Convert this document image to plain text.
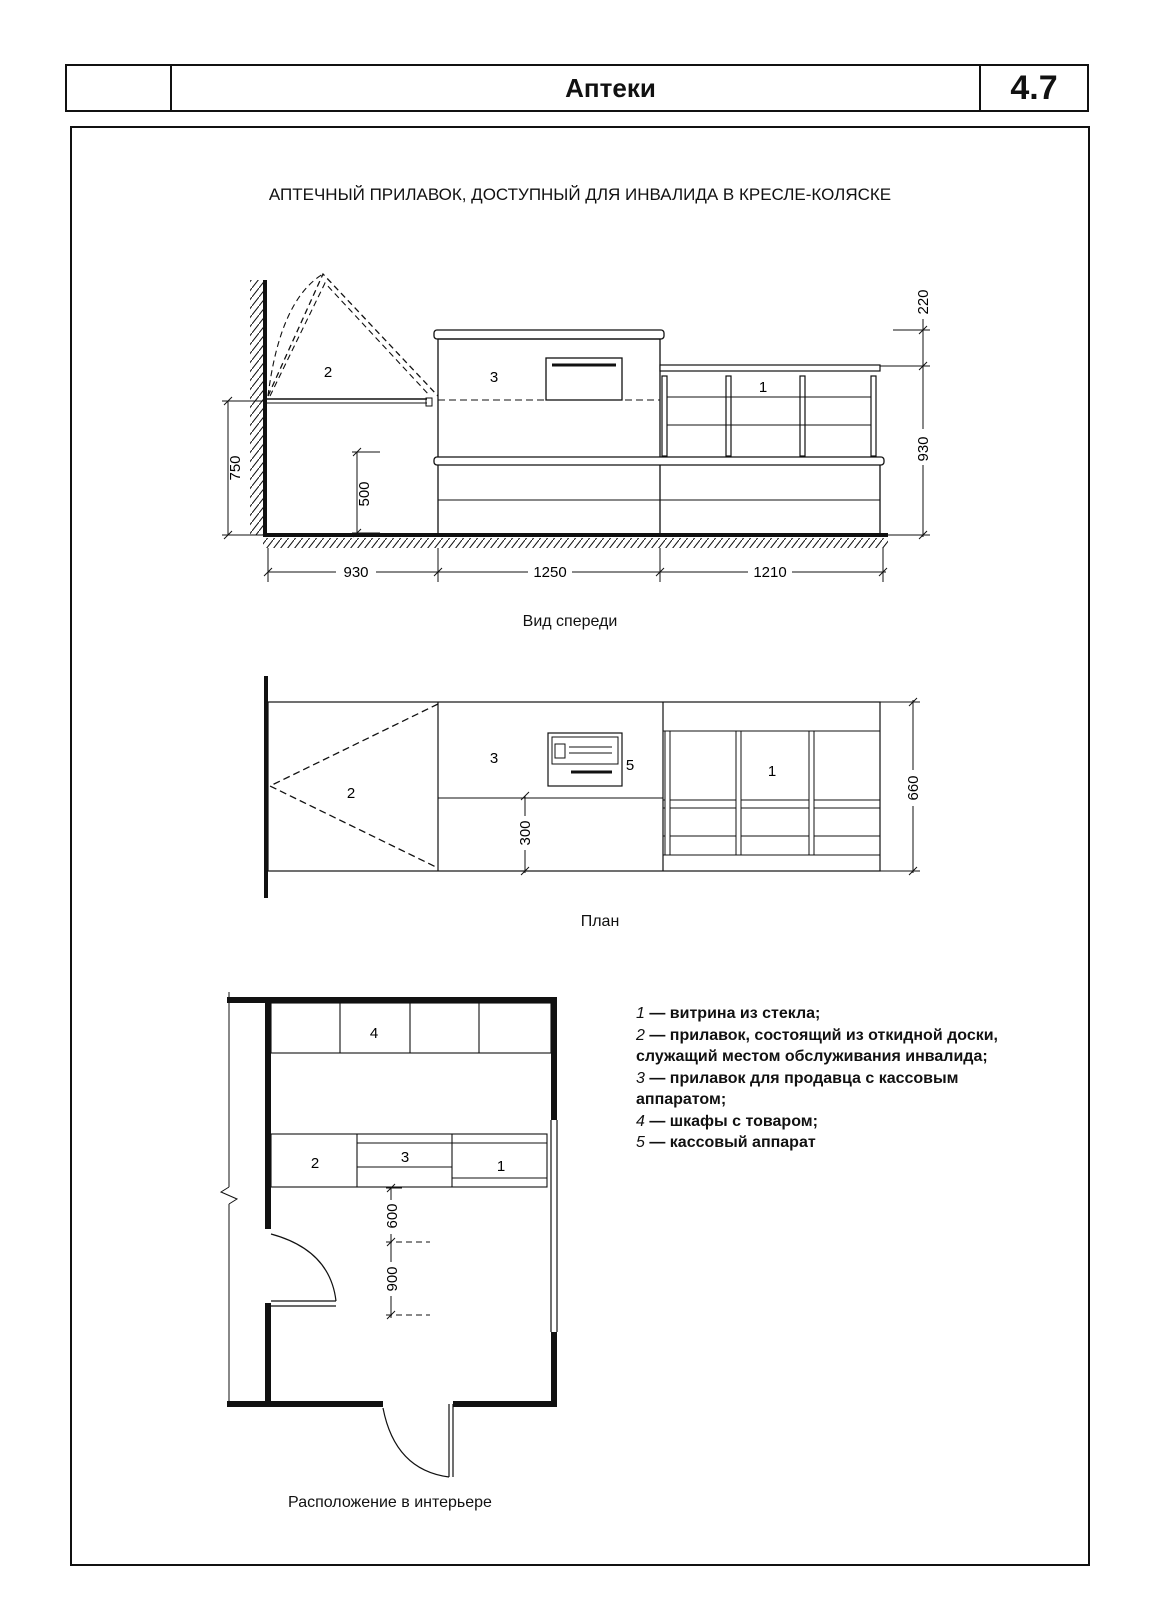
Аптеки	4.7
АПТЕЧНЫЙ ПРИЛАВОК, ДОСТУПНЫЙ ДЛЯ ИНВАЛИДА В КРЕСЛЕ-КОЛЯСКЕ
2	3
1
750
500
930	1250	1210
220
930
2
3	5	1
660
300
4
2	3
1
600
900
Вид спереди
План
Расположение в интерьере
1 — витрина из стекла;
2 — прилавок, состоящий из откидной доски,
служащий местом обслуживания инвалида;
3 — прилавок для продавца с кассовым
аппаратом;
4 — шкафы с товаром;
5 — кассовый аппарат
